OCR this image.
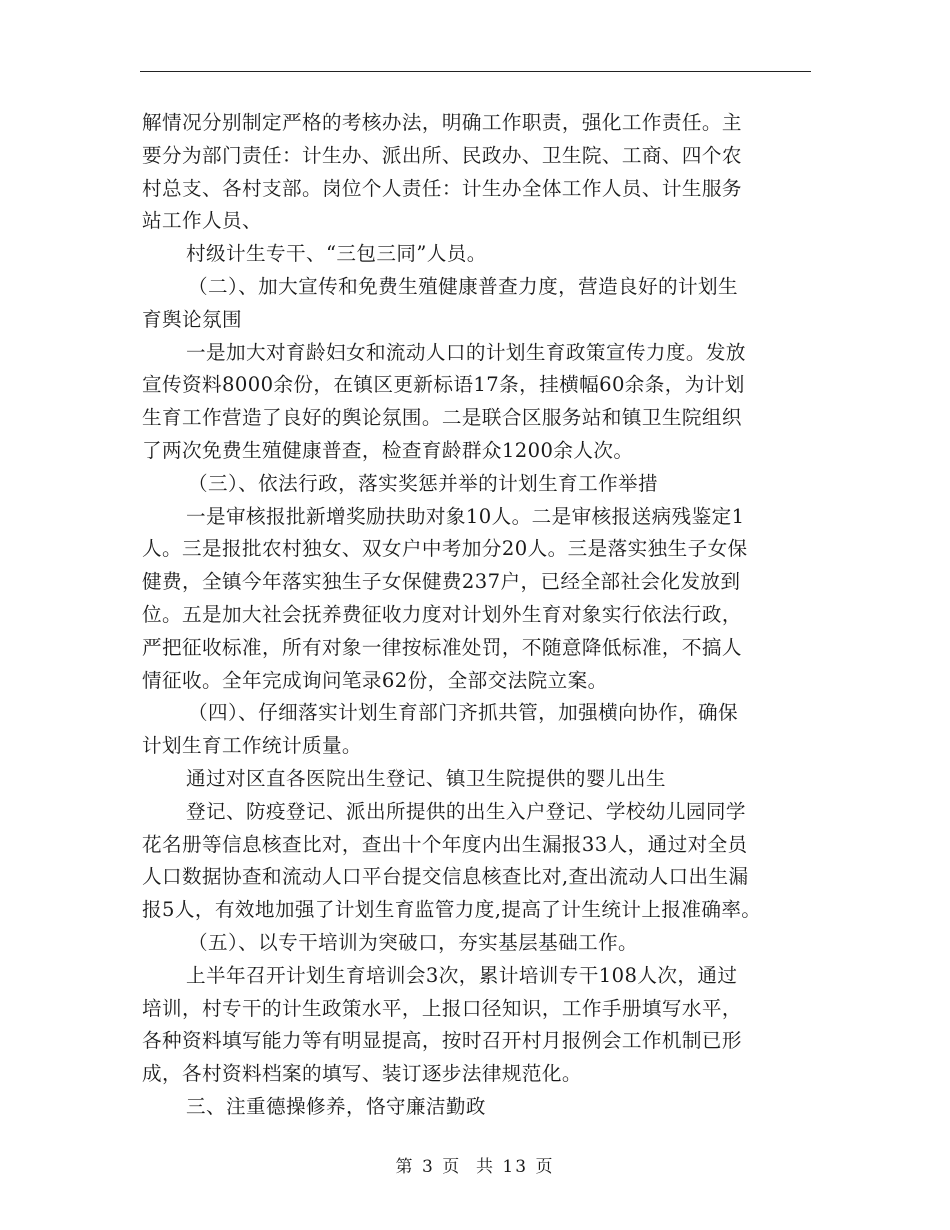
解情况分别制定严格的考核办法，明确工作职责，强化工作责任。主
要分为部门责任：计生办、派出所、民政办、卫生院、工商、四个农
村总支、各村支部。岗位个人责任：计生办全体工作人员、计生服务
站工作人员、
村级计生专干、“三包三同”人员。
（二）、加大宣传和免费生殖健康普查力度，营造良好的计划生
育舆论氛围
一是加大对育龄妇女和流动人口的计划生育政策宣传力度。发放
宣传资料8000余份，在镇区更新标语17条，挂横幅60余条，为计划
生育工作营造了良好的舆论氛围。二是联合区服务站和镇卫生院组织
了两次免费生殖健康普查，检查育龄群众1200余人次。
（三）、依法行政，落实奖惩并举的计划生育工作举措
一是审核报批新增奖励扶助对象10人。二是审核报送病残鉴定1
人。三是报批农村独女、双女户中考加分20人。三是落实独生子女保
健费，全镇今年落实独生子女保健费237户，已经全部社会化发放到
位。五是加大社会抚养费征收力度对计划外生育对象实行依法行政，
严把征收标准，所有对象一律按标准处罚，不随意降低标准，不搞人
情征收。全年完成询问笔录62份，全部交法院立案。
（四）、仔细落实计划生育部门齐抓共管，加强横向协作，确保
计划生育工作统计质量。
通过对区直各医院出生登记、镇卫生院提供的婴儿出生
登记、防疫登记、派出所提供的出生入户登记、学校幼儿园同学
花名册等信息核查比对，查出十个年度内出生漏报33人，通过对全员
人口数据协查和流动人口平台提交信息核查比对,查出流动人口出生漏
报5人，有效地加强了计划生育监管力度,提高了计生统计上报准确率。
（五）、以专干培训为突破口，夯实基层基础工作。
上半年召开计划生育培训会3次，累计培训专干108人次，通过
培训，村专干的计生政策水平，上报口径知识，工作手册填写水平，
各种资料填写能力等有明显提高，按时召开村月报例会工作机制已形
成，各村资料档案的填写、装订逐步法律规范化。
三、注重德操修养，恪守廉洁勤政
第 3 页  共 13 页
